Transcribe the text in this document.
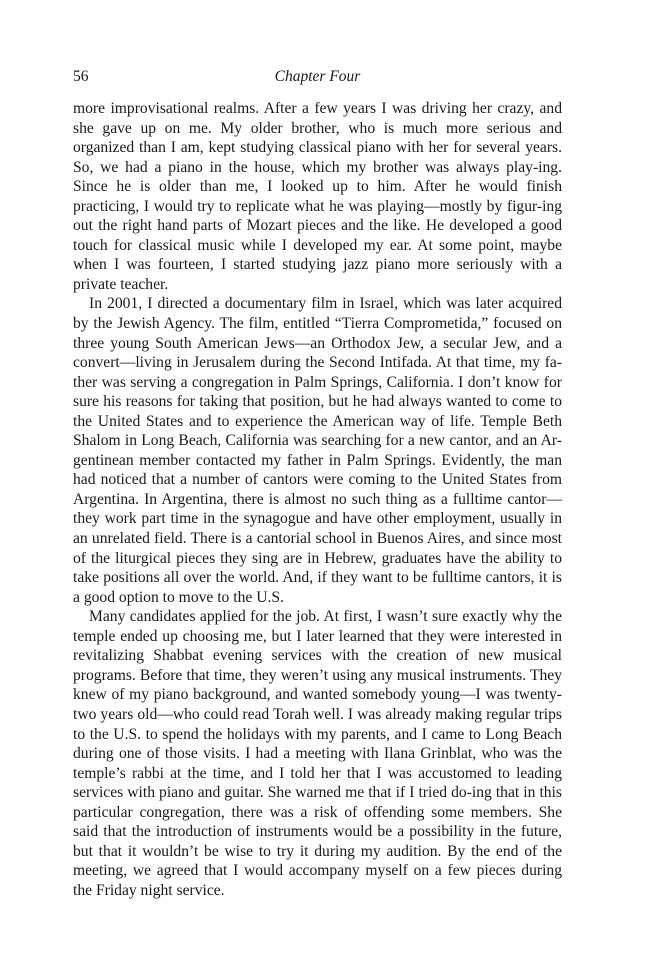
56	Chapter Four

more improvisational realms. After a few years I was driving her crazy, and she gave up on me. My older brother, who is much more serious and organized than I am, kept studying classical piano with her for several years. So, we had a piano in the house, which my brother was always play-ing. Since he is older than me, I looked up to him. After he would finish practicing, I would try to replicate what he was playing—mostly by figur-ing out the right hand parts of Mozart pieces and the like. He developed a good touch for classical music while I developed my ear. At some point, maybe when I was fourteen, I started studying jazz piano more seriously with a private teacher.

In 2001, I directed a documentary film in Israel, which was later acquired by the Jewish Agency. The film, entitled “Tierra Comprometida,” focused on three young South American Jews—an Orthodox Jew, a secular Jew, and a convert—living in Jerusalem during the Second Intifada. At that time, my fa-ther was serving a congregation in Palm Springs, California. I don’t know for sure his reasons for taking that position, but he had always wanted to come to the United States and to experience the American way of life. Temple Beth Shalom in Long Beach, California was searching for a new cantor, and an Ar-gentinean member contacted my father in Palm Springs. Evidently, the man had noticed that a number of cantors were coming to the United States from Argentina. In Argentina, there is almost no such thing as a fulltime cantor—they work part time in the synagogue and have other employment, usually in an unrelated field. There is a cantorial school in Buenos Aires, and since most of the liturgical pieces they sing are in Hebrew, graduates have the ability to take positions all over the world. And, if they want to be fulltime cantors, it is a good option to move to the U.S.

Many candidates applied for the job. At first, I wasn’t sure exactly why the temple ended up choosing me, but I later learned that they were interested in revitalizing Shabbat evening services with the creation of new musical programs. Before that time, they weren’t using any musical instruments. They knew of my piano background, and wanted somebody young—I was twenty-two years old—who could read Torah well. I was already making regular trips to the U.S. to spend the holidays with my parents, and I came to Long Beach during one of those visits. I had a meeting with Ilana Grinblat, who was the temple’s rabbi at the time, and I told her that I was accustomed to leading services with piano and guitar. She warned me that if I tried do-ing that in this particular congregation, there was a risk of offending some members. She said that the introduction of instruments would be a possibility in the future, but that it wouldn’t be wise to try it during my audition. By the end of the meeting, we agreed that I would accompany myself on a few pieces during the Friday night service.
